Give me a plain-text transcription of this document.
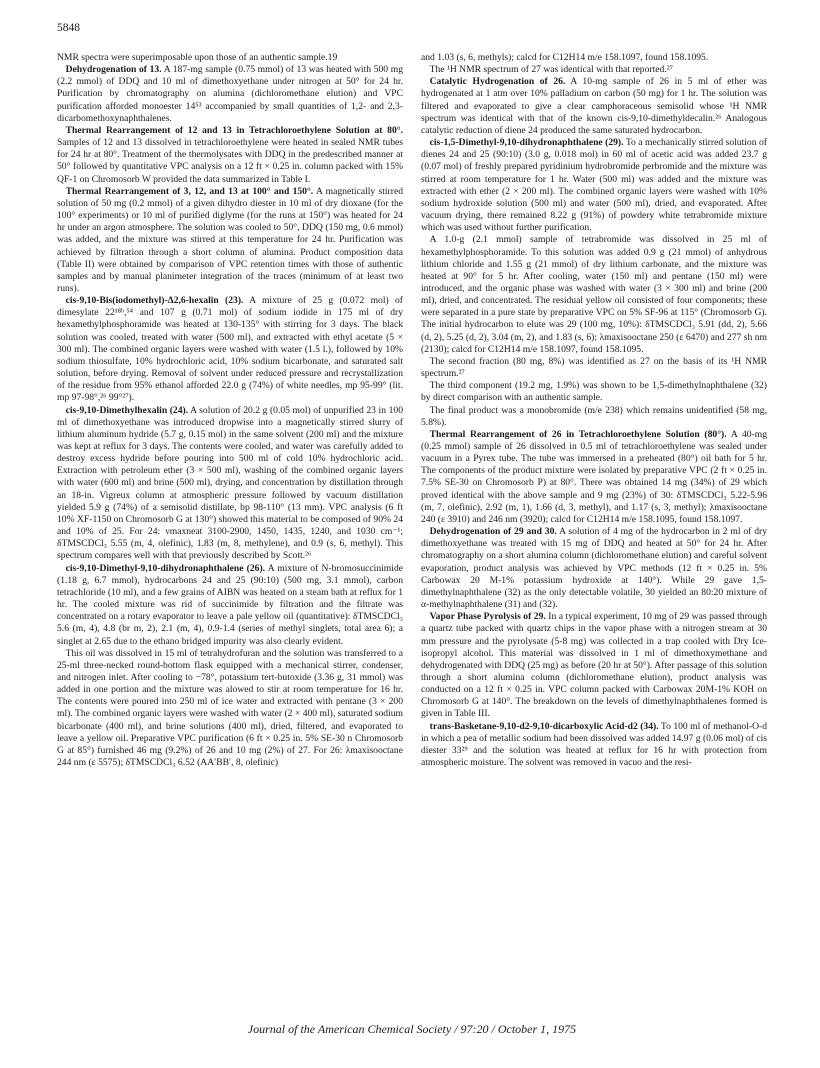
5848

NMR spectra were superimposable upon those of an authentic sample.19

Dehydrogenation of 13. A 187-mg sample (0.75 mmol) of 13 was heated with 500 mg (2.2 mmol) of DDQ and 10 ml of dimethoxyethane under nitrogen at 50° for 24 hr. Purification by chromatography on alumina (dichloromethane elution) and VPC purification afforded monoester 14⁵³ accompanied by small quantities of 1,2- and 2,3-dicarbomethoxynaphthalenes.

Thermal Rearrangement of 12 and 13 in Tetrachloroethylene Solution at 80°. Samples of 12 and 13 dissolved in tetrachloroethylene were heated in sealed NMR tubes for 24 hr at 80°. Treatment of the thermolysates with DDQ in the predescribed manner at 50° followed by quantitative VPC analysis on a 12 ft × 0.25 in. column packed with 15% QF-1 on Chromosorb W provided the data summarized in Table I.

Thermal Rearrangement of 3, 12, and 13 at 100° and 150°. A magnetically stirred solution of 50 mg (0.2 mmol) of a given dihydro diester in 10 ml of dry dioxane (for the 100° experiments) or 10 ml of purified diglyme (for the runs at 150°) was heated for 24 hr under an argon atmosphere. The solution was cooled to 50°, DDQ (150 mg, 0.6 mmol) was added, and the mixture was stirred at this temperature for 24 hr. Purification was achieved by filtration through a short column of alumina. Product composition data (Table II) were obtained by comparison of VPC retention times with those of authentic samples and by manual planimeter integration of the traces (minimum of at least two runs).

cis-9,10-Bis(iodomethyl)-Δ2,6-hexalin (23). A mixture of 25 g (0.072 mol) of dimesylate 22¹⁸ᵇ,⁵⁴ and 107 g (0.71 mol) of sodium iodide in 175 ml of dry hexamethylphosphoramide was heated at 130-135° with stirring for 3 days. The black solution was cooled, treated with water (500 ml), and extracted with ethyl acetate (5 × 300 ml). The combined organic layers were washed with water (1.5 l.), followed by 10% sodium thiosulfate, 10% hydrochloric acid, 10% sodium bicarbonate, and saturated salt solution, before drying. Removal of solvent under reduced pressure and recrystallization of the residue from 95% ethanol afforded 22.0 g (74%) of white needles, mp 95-99° (lit. mp 97-98°,²⁶ 99°²⁷).

cis-9,10-Dimethylhexalin (24). A solution of 20.2 g (0.05 mol) of unpurified 23 in 100 ml of dimethoxyethane was introduced dropwise into a magnetically stirred slurry of lithium aluminum hydride (5.7 g, 0.15 mol) in the same solvent (200 ml) and the mixture was kept at reflux for 3 days. The contents were cooled, and water was carefully added to destroy excess hydride before pouring into 500 ml of cold 10% hydrochloric acid. Extraction with petroleum ether (3 × 500 ml), washing of the combined organic layers with water (600 ml) and brine (500 ml), drying, and concentration by distillation through an 18-in. Vigreux column at atmospheric pressure followed by vacuum distillation yielded 5.9 g (74%) of a semisolid distillate, bp 98-110° (13 mm). VPC analysis (6 ft 10% XF-1150 on Chromosorb G at 130°) showed this material to be composed of 90% 24 and 10% of 25. For 24: νmaxneat 3100-2900, 1450, 1435, 1240, and 1030 cm⁻¹; δTMSCDCl₃ 5.55 (m, 4, olefinic), 1.83 (m, 8, methylene), and 0.9 (s, 6, methyl). This spectrum compares well with that previously described by Scott.²⁶

cis-9,10-Dimethyl-9,10-dihydronaphthalene (26). A mixture of N-bromosuccinimide (1.18 g, 6.7 mmol), hydrocarbons 24 and 25 (90:10) (500 mg, 3.1 mmol), carbon tetrachloride (10 ml), and a few grains of AIBN was heated on a steam bath at reflux for 1 hr. The cooled mixture was rid of succinimide by filtration and the filtrate was concentrated on a rotary evaporator to leave a pale yellow oil (quantitative): δTMSCDCl₃ 5.6 (m, 4), 4.8 (br m, 2), 2.1 (m, 4), 0.9-1.4 (series of methyl singlets, total area 6); a singlet at 2.65 due to the ethano bridged impurity was also clearly evident.

This oil was dissolved in 15 ml of tetrahydrofuran and the solution was transferred to a 25-ml three-necked round-bottom flask equipped with a mechanical stirrer, condenser, and nitrogen inlet. After cooling to −78°, potassium tert-butoxide (3.36 g, 31 mmol) was added in one portion and the mixture was alowed to stir at room temperature for 16 hr. The contents were poured into 250 ml of ice water and extracted with pentane (3 × 200 ml). The combined organic layers were washed with water (2 × 400 ml), saturated sodium bicarbonate (400 ml), and brine solutions (400 ml), dried, filtered, and evaporated to leave a yellow oil. Preparative VPC purification (6 ft × 0.25 in. 5% SE-30 n Chromosorb G at 85°) furnished 46 mg (9.2%) of 26 and 10 mg (2%) of 27. For 26: λmaxisooctane 244 nm (ε 5575); δTMSCDCl₃ 6.52 (AA′BB′, 8, olefinic)

and 1.03 (s, 6, methyls); calcd for C12H14 m/e 158.1097, found 158.1095.

The ¹H NMR spectrum of 27 was identical with that reported.²⁷

Catalytic Hydrogenation of 26. A 10-mg sample of 26 in 5 ml of ether was hydrogenated at 1 atm over 10% palladium on carbon (50 mg) for 1 hr. The solution was filtered and evaporated to give a clear camphoraceous semisolid whose ¹H NMR spectrum was identical with that of the known cis-9,10-dimethyldecalin.²⁶ Analogous catalytic reduction of diene 24 produced the same saturated hydrocarbon.

cis-1,5-Dimethyl-9,10-dihydronaphthalene (29). To a mechanically stirred solution of dienes 24 and 25 (90:10) (3.0 g, 0.018 mol) in 60 ml of acetic acid was added 23.7 g (0.07 mol) of freshly prepared pyridinium hydrobromide perbromide and the mixture was stirred at room temperature for 1 hr. Water (500 ml) was added and the mixture was extracted with ether (2 × 200 ml). The combined organic layers were washed with 10% sodium hydroxide solution (500 ml) and water (500 ml), dried, and evaporated. After vacuum drying, there remained 8.22 g (91%) of powdery white tetrabromide mixture which was used without further purification.

A 1.0-g (2.1 mmol) sample of tetrabromide was dissolved in 25 ml of hexamethylphosphoramide. To this solution was added 0.9 g (21 mmol) of anhydrous lithium chloride and 1.55 g (21 mmol) of dry lithium carbonate, and the mixture was heated at 90° for 5 hr. After cooling, water (150 ml) and pentane (150 ml) were introduced, and the organic phase was washed with water (3 × 300 ml) and brine (200 ml), dried, and concentrated. The residual yellow oil consisted of four components; these were separated in a pure state by preparative VPC on 5% SF-96 at 115° (Chromosorb G). The initial hydrocarbon to elute was 29 (100 mg, 10%): δTMSCDCl₃ 5.91 (dd, 2), 5.66 (d, 2), 5.25 (d, 2), 3.04 (m, 2), and 1.83 (s, 6); λmaxisooctane 250 (ε 6470) and 277 sh nm (2130); calcd for C12H14 m/e 158.1097, found 158.1095.

The second fraction (80 mg, 8%) was identified as 27 on the basis of its ¹H NMR spectrum.²⁷

The third component (19.2 mg, 1.9%) was shown to be 1,5-dimethylnaphthalene (32) by direct comparison with an authentic sample.

The final product was a monobromide (m/e 238) which remains unidentified (58 mg, 5.8%).

Thermal Rearrangement of 26 in Tetrachloroethylene Solution (80°). A 40-mg (0.25 mmol) sample of 26 dissolved in 0.5 ml of tetrachloroethylene was sealed under vacuum in a Pyrex tube. The tube was immersed in a preheated (80°) oil bath for 5 hr. The components of the product mixture were isolated by preparative VPC (2 ft × 0.25 in. 7.5% SE-30 on Chromosorb P) at 80°. There was obtained 14 mg (34%) of 29 which proved identical with the above sample and 9 mg (23%) of 30: δTMSCDCl₃ 5.22-5.96 (m, 7, olefinic), 2.92 (m, 1), 1.66 (d, 3, methyl), and 1.17 (s, 3, methyl); λmaxisooctane 240 (ε 3910) and 246 nm (3920); calcd for C12H14 m/e 158.1095, found 158.1097.

Dehydrogenation of 29 and 30. A solution of 4 mg of the hydrocarbon in 2 ml of dry dimethoxyethane was treated with 15 mg of DDQ and heated at 50° for 24 hr. After chromatography on a short alumina column (dichloromethane elution) and careful solvent evaporation, product analysis was achieved by VPC methods (12 ft × 0.25 in. 5% Carbowax 20 M-1% potassium hydroxide at 140°). While 29 gave 1,5-dimethylnaphthalene (32) as the only detectable volatile, 30 yielded an 80:20 mixture of α-methylnaphthalene (31) and (32).

Vapor Phase Pyrolysis of 29. In a typical experiment, 10 mg of 29 was passed through a quartz tube packed with quartz chips in the vapor phase with a nitrogen stream at 30 mm pressure and the pyrolysate (5-8 mg) was collected in a trap cooled with Dry Ice-isopropyl alcohol. This material was dissolved in 1 ml of dimethoxymethane and dehydrogenated with DDQ (25 mg) as before (20 hr at 50°). After passage of this solution through a short alumina column (dichloromethane elution), product analysis was conducted on a 12 ft × 0.25 in. VPC column packed with Carbowax 20M-1% KOH on Chromosorb G at 140°. The breakdown on the levels of dimethylnaphthalenes formed is given in Table III.

trans-Basketane-9,10-d2-9,10-dicarboxylic Acid-d2 (34). To 100 ml of methanol-O-d in which a pea of metallic sodium had been dissolved was added 14.97 g (0.06 mol) of cis diester 33²⁹ and the solution was heated at reflux for 16 hr with protection from atmospheric moisture. The solvent was removed in vacuo and the resi-

Journal of the American Chemical Society / 97:20 / October 1, 1975
